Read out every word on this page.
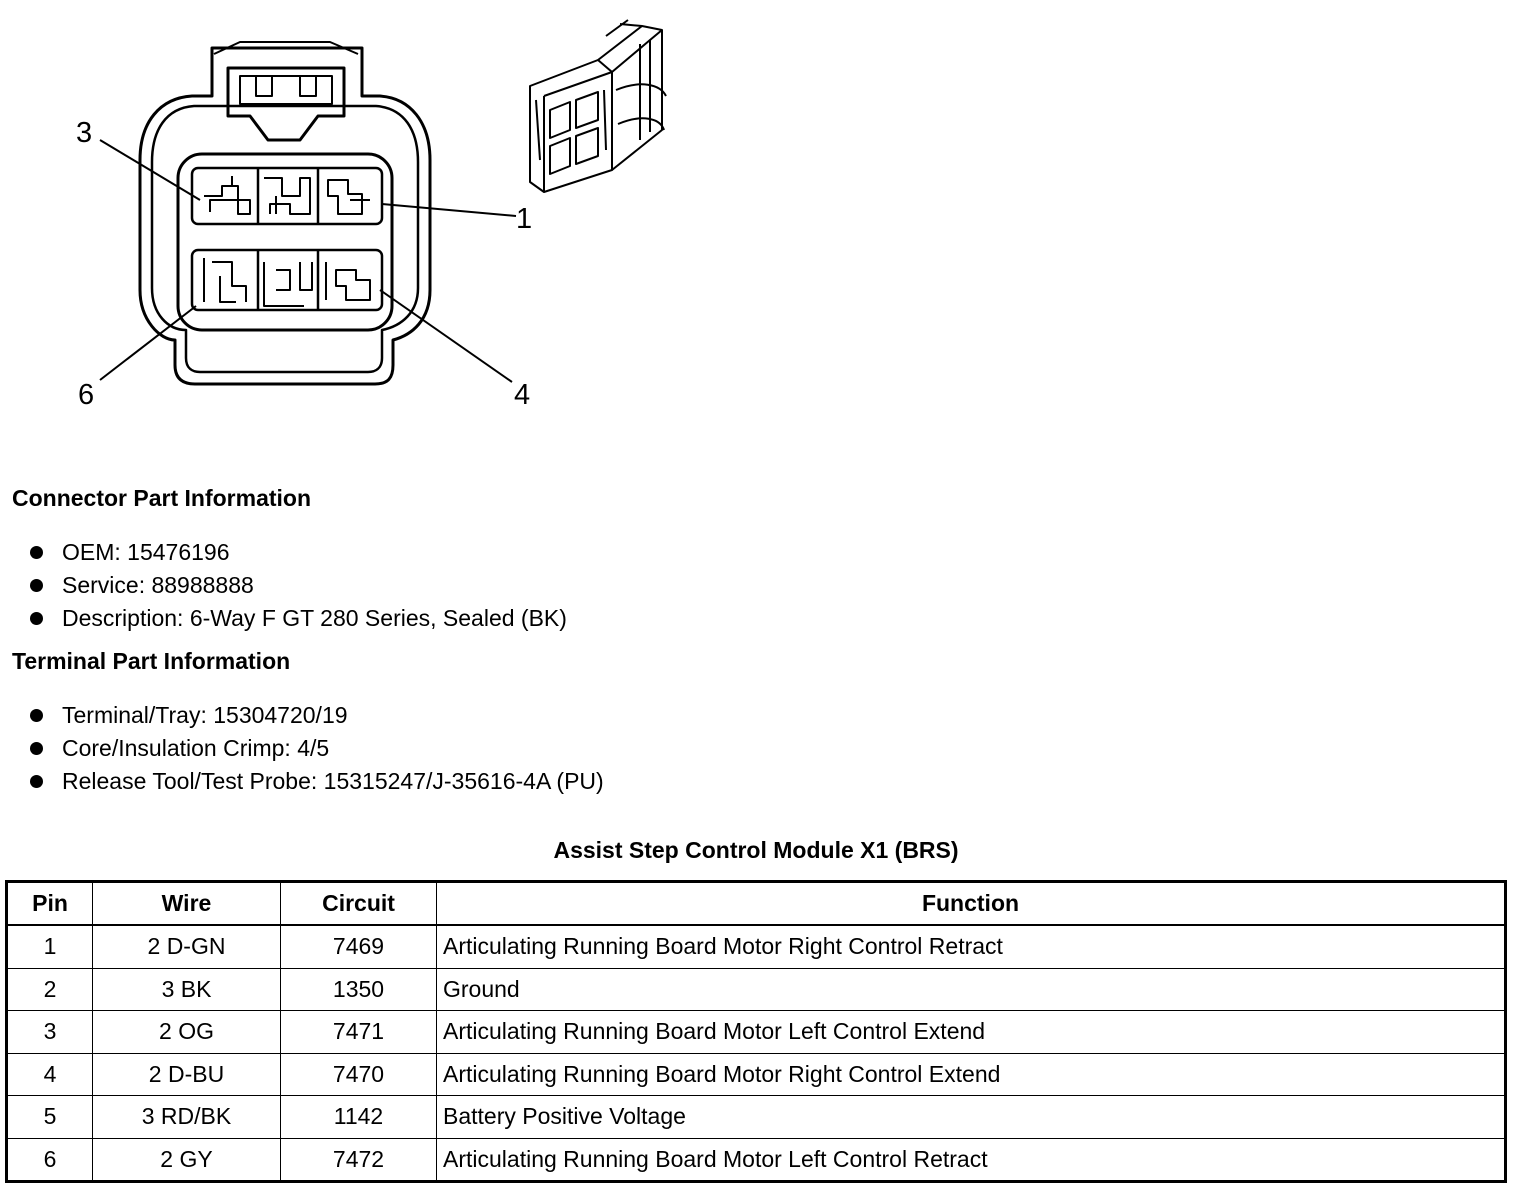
3
1
6	4
Connector Part Information
OEM: 15476196
Service: 88988888
Description: 6-Way F GT 280 Series, Sealed (BK)
Terminal Part Information
Terminal/Tray: 15304720/19
Core/Insulation Crimp: 4/5
Release Tool/Test Probe: 15315247/J-35616-4A (PU)
Assist Step Control Module X1 (BRS)
Pin	Wire	Circuit	Function
1	2 D-GN	7469	Articulating Running Board Motor Right Control Retract
2	3 BK	1350	Ground
3	2 OG	7471	Articulating Running Board Motor Left Control Extend
4	2 D-BU	7470	Articulating Running Board Motor Right Control Extend
5	3 RD/BK	1142	Battery Positive Voltage
6	2 GY	7472	Articulating Running Board Motor Left Control Retract
